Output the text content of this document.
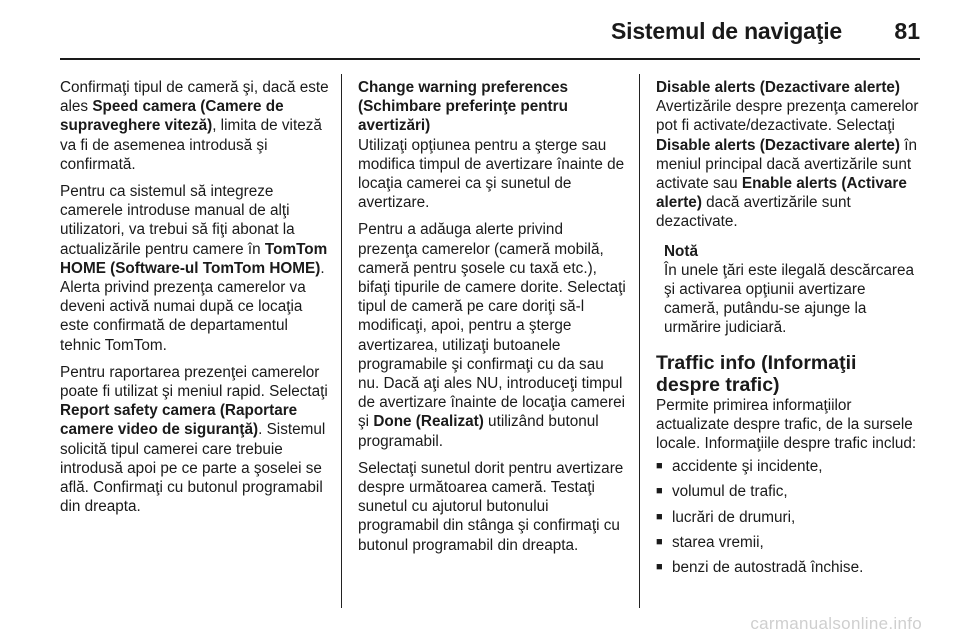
Sistemul de navigaţie 81

Confirmaţi tipul de cameră şi, dacă este ales Speed camera (Camere de supraveghere viteză), limita de viteză va fi de asemenea introdusă şi confirmată.

Pentru ca sistemul să integreze camerele introduse manual de alţi utilizatori, va trebui să fiţi abonat la actualizările pentru camere în TomTom HOME (Software-ul TomTom HOME). Alerta privind prezenţa camerelor va deveni activă numai după ce locaţia este confirmată de departamentul tehnic TomTom.

Pentru raportarea prezenţei camerelor poate fi utilizat şi meniul rapid. Selectaţi Report safety camera (Raportare camere video de siguranţă). Sistemul solicită tipul camerei care trebuie introdusă apoi pe ce parte a şoselei se află. Confirmaţi cu butonul programabil din dreapta.

Change warning preferences (Schimbare preferinţe pentru avertizări)

Utilizaţi opţiunea pentru a şterge sau modifica timpul de avertizare înainte de locaţia camerei ca şi sunetul de avertizare.

Pentru a adăuga alerte privind prezenţa camerelor (cameră mobilă, cameră pentru şosele cu taxă etc.), bifaţi tipurile de camere dorite. Selectaţi tipul de cameră pe care doriţi să-l modificaţi, apoi, pentru a şterge avertizarea, utilizaţi butoanele programabile şi confirmaţi cu da sau nu. Dacă aţi ales NU, introduceţi timpul de avertizare înainte de locaţia camerei şi Done (Realizat) utilizând butonul programabil.

Selectaţi sunetul dorit pentru avertizare despre următoarea cameră. Testaţi sunetul cu ajutorul butonului programabil din stânga şi confirmaţi cu butonul programabil din dreapta.

Disable alerts (Dezactivare alerte)

Avertizările despre prezenţa camerelor pot fi activate/dezactivate. Selectaţi Disable alerts (Dezactivare alerte) în meniul principal dacă avertizările sunt activate sau Enable alerts (Activare alerte) dacă avertizările sunt dezactivate.

Notă

În unele ţări este ilegală descărcarea şi activarea opţiunii avertizare cameră, putându-se ajunge la urmărire judiciară.

Traffic info (Informaţii despre trafic)

Permite primirea informaţiilor actualizate despre trafic, de la sursele locale. Informaţiile despre trafic includ:

■ accidente şi incidente,
■ volumul de trafic,
■ lucrări de drumuri,
■ starea vremii,
■ benzi de autostradă închise.
carmanualsonline.info
